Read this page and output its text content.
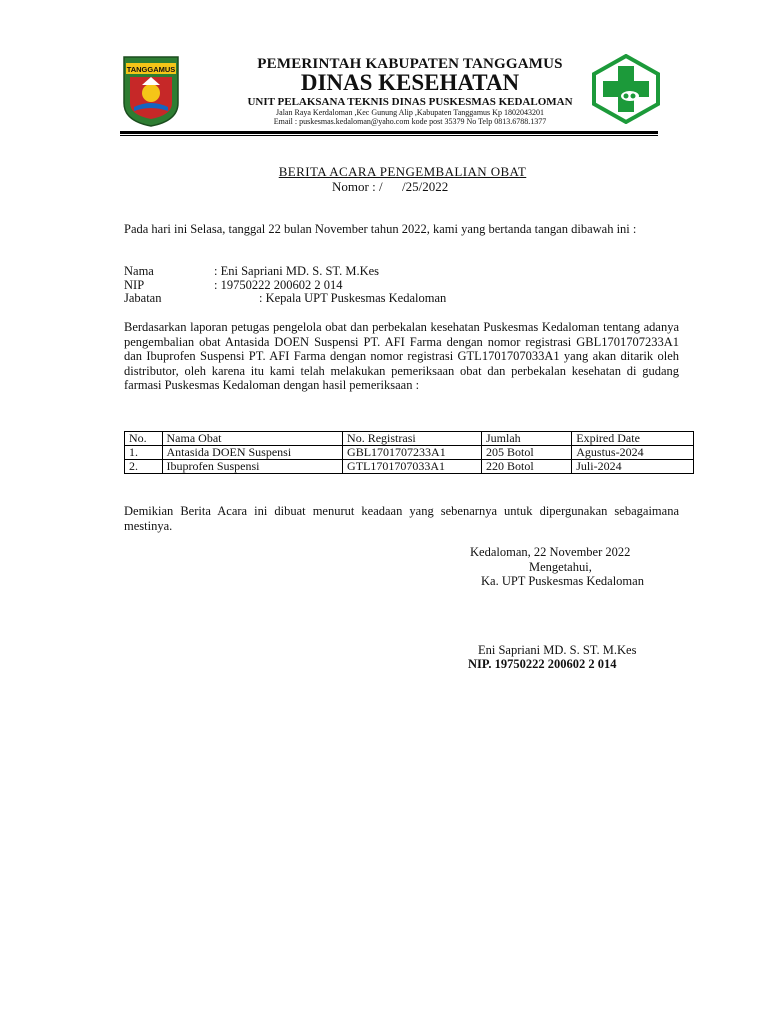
TANGGAMUS	PEMERINTAH KABUPATEN TANGGAMUS
DINAS KESEHATAN
UNIT PELAKSANA TEKNIS DINAS PUSKESMAS KEDALOMAN
Jalan Raya Kerdaloman ,Kec Gunung Alip ,Kabupaten Tanggamus Kp 1802043201
Email : puskesmas.kedaloman@yaho.com kode post 35379 No Telp 0813.6788.1377
BERITA ACARA PENGEMBALIAN OBAT
Nomor : /      /25/2022
Pada hari ini Selasa, tanggal 22 bulan November tahun 2022, kami yang bertanda tangan dibawah ini :
Nama	: Eni Sapriani MD. S. ST. M.Kes
NIP	: 19750222 200602 2 014
Jabatan	: Kepala UPT Puskesmas Kedaloman
Berdasarkan laporan petugas pengelola obat dan perbekalan kesehatan Puskesmas Kedaloman tentang adanya pengembalian obat Antasida DOEN Suspensi PT. AFI Farma dengan nomor registrasi GBL1701707233A1 dan Ibuprofen Suspensi PT. AFI Farma dengan nomor registrasi GTL1701707033A1 yang akan ditarik oleh distributor, oleh karena itu kami telah melakukan pemeriksaan obat dan perbekalan kesehatan di gudang farmasi Puskesmas Kedaloman dengan hasil pemeriksaan :
No.	Nama Obat	No. Registrasi	Jumlah	Expired Date
1.	Antasida DOEN Suspensi	GBL1701707233A1	205 Botol	Agustus-2024
2.	Ibuprofen Suspensi	GTL1701707033A1	220 Botol	Juli-2024
Demikian Berita Acara ini dibuat menurut keadaan yang sebenarnya untuk dipergunakan sebagaimana mestinya.
Kedaloman, 22 November 2022
Mengetahui,
Ka. UPT Puskesmas Kedaloman
Eni Sapriani MD. S. ST. M.Kes
NIP. 19750222 200602 2 014
